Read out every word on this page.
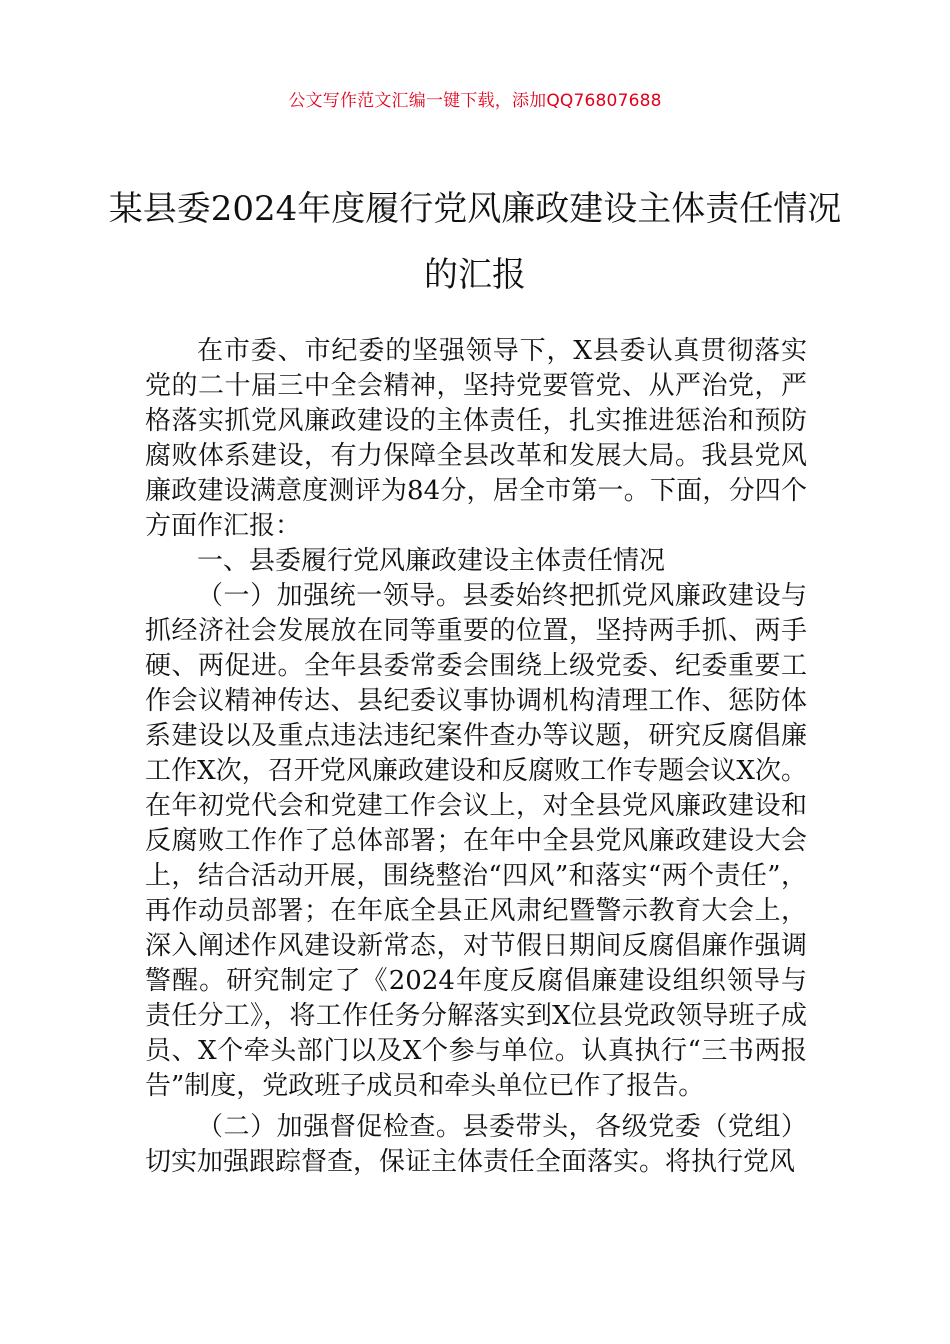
公文写作范文汇编一键下载，添加QQ76807688
某县委2024年度履行党风廉政建设主体责任情况的汇报

在市委、市纪委的坚强领导下，X县委认真贯彻落实党的二十届三中全会精神，坚持党要管党、从严治党，严格落实抓党风廉政建设的主体责任，扎实推进惩治和预防腐败体系建设，有力保障全县改革和发展大局。我县党风廉政建设满意度测评为84分，居全市第一。下面，分四个方面作汇报：

一、县委履行党风廉政建设主体责任情况

（一）加强统一领导。县委始终把抓党风廉政建设与抓经济社会发展放在同等重要的位置，坚持两手抓、两手硬、两促进。全年县委常委会围绕上级党委、纪委重要工作会议精神传达、县纪委议事协调机构清理工作、惩防体系建设以及重点违法违纪案件查办等议题，研究反腐倡廉工作X次，召开党风廉政建设和反腐败工作专题会议X次。在年初党代会和党建工作会议上，对全县党风廉政建设和反腐败工作作了总体部署；在年中全县党风廉政建设大会上，结合活动开展，围绕整治“四风”和落实“两个责任”，再作动员部署；在年底全县正风肃纪暨警示教育大会上，深入阐述作风建设新常态，对节假日期间反腐倡廉作强调警醒。研究制定了《2024年度反腐倡廉建设组织领导与责任分工》，将工作任务分解落实到X位县党政领导班子成员、X个牵头部门以及X个参与单位。认真执行“三书两报告”制度，党政班子成员和牵头单位已作了报告。

（二）加强督促检查。县委带头，各级党委（党组）切实加强跟踪督查，保证主体责任全面落实。将执行党风
